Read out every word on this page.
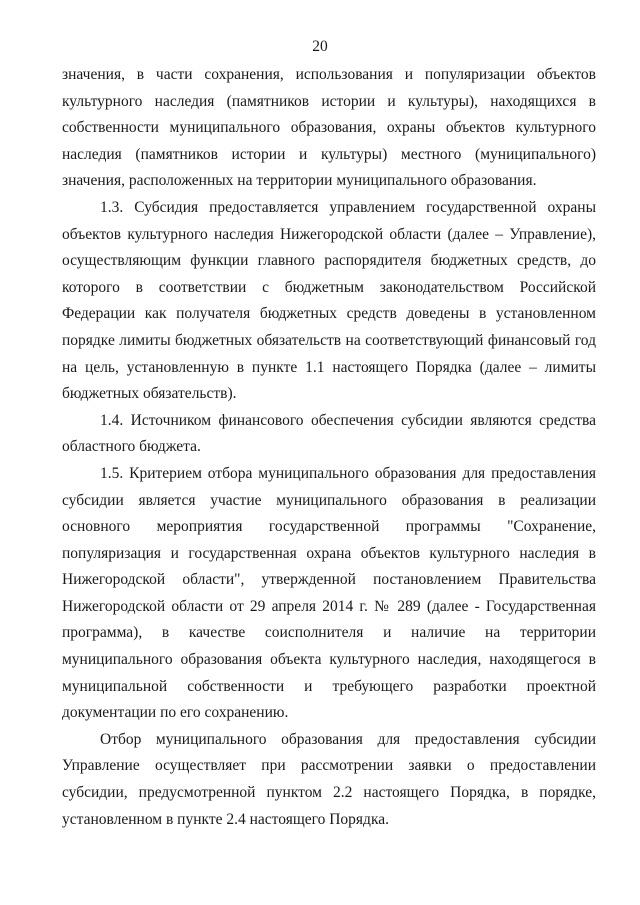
20

значения, в части сохранения, использования и популяризации объектов культурного наследия (памятников истории и культуры), находящихся в собственности муниципального образования, охраны объектов культурного наследия (памятников истории и культуры) местного (муниципального) значения, расположенных на территории муниципального образования.

1.3. Субсидия предоставляется управлением государственной охраны объектов культурного наследия Нижегородской области (далее – Управление), осуществляющим функции главного распорядителя бюджетных средств, до которого в соответствии с бюджетным законодательством Российской Федерации как получателя бюджетных средств доведены в установленном порядке лимиты бюджетных обязательств на соответствующий финансовый год на цель, установленную в пункте 1.1 настоящего Порядка (далее – лимиты бюджетных обязательств).

1.4. Источником финансового обеспечения субсидии являются средства областного бюджета.

1.5. Критерием отбора муниципального образования для предоставления субсидии является участие муниципального образования в реализации основного мероприятия государственной программы "Сохранение, популяризация и государственная охрана объектов культурного наследия в Нижегородской области", утвержденной постановлением Правительства Нижегородской области от 29 апреля 2014 г. № 289 (далее - Государственная программа), в качестве соисполнителя и наличие на территории муниципального образования объекта культурного наследия, находящегося в муниципальной собственности и требующего разработки проектной документации по его сохранению.

Отбор муниципального образования для предоставления субсидии Управление осуществляет при рассмотрении заявки о предоставлении субсидии, предусмотренной пунктом 2.2 настоящего Порядка, в порядке, установленном в пункте 2.4 настоящего Порядка.
